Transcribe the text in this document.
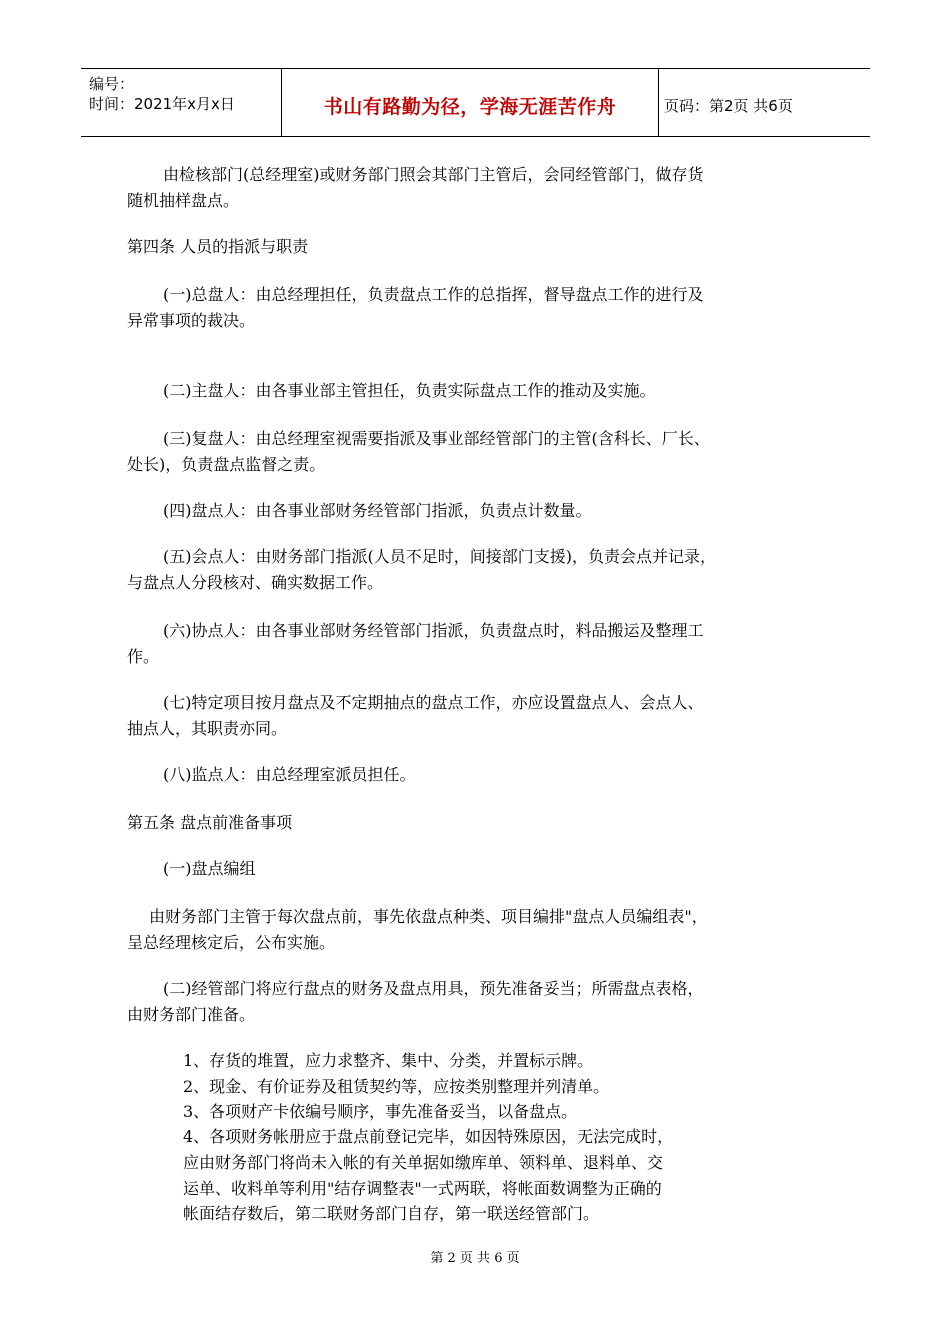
编号：
时间：2021年x月x日	书山有路勤为径，学海无涯苦作舟	页码：第2页 共6页
由检核部门(总经理室)或财务部门照会其部门主管后，会同经管部门，做存货
随机抽样盘点。
第四条 人员的指派与职责
(一)总盘人：由总经理担任，负责盘点工作的总指挥，督导盘点工作的进行及
异常事项的裁决。
(二)主盘人：由各事业部主管担任，负责实际盘点工作的推动及实施。
(三)复盘人：由总经理室视需要指派及事业部经管部门的主管(含科长、厂长、
处长)，负责盘点监督之责。
(四)盘点人：由各事业部财务经管部门指派，负责点计数量。
(五)会点人：由财务部门指派(人员不足时，间接部门支援)，负责会点并记录，
与盘点人分段核对、确实数据工作。
(六)协点人：由各事业部财务经管部门指派，负责盘点时，料品搬运及整理工
作。
(七)特定项目按月盘点及不定期抽点的盘点工作，亦应设置盘点人、会点人、
抽点人，其职责亦同。
(八)监点人：由总经理室派员担任。
第五条 盘点前准备事项
(一)盘点编组
由财务部门主管于每次盘点前，事先依盘点种类、项目编排"盘点人员编组表"，
呈总经理核定后，公布实施。
(二)经管部门将应行盘点的财务及盘点用具，预先准备妥当；所需盘点表格，
由财务部门准备。
1、存货的堆置，应力求整齐、集中、分类，并置标示牌。
2、现金、有价证券及租赁契约等，应按类别整理并列清单。
3、各项财产卡依编号顺序，事先准备妥当，以备盘点。
4、各项财务帐册应于盘点前登记完毕，如因特殊原因，无法完成时，
应由财务部门将尚未入帐的有关单据如缴库单、领料单、退料单、交
运单、收料单等利用"结存调整表"一式两联，将帐面数调整为正确的
帐面结存数后，第二联财务部门自存，第一联送经管部门。
第 2 页 共 6 页
